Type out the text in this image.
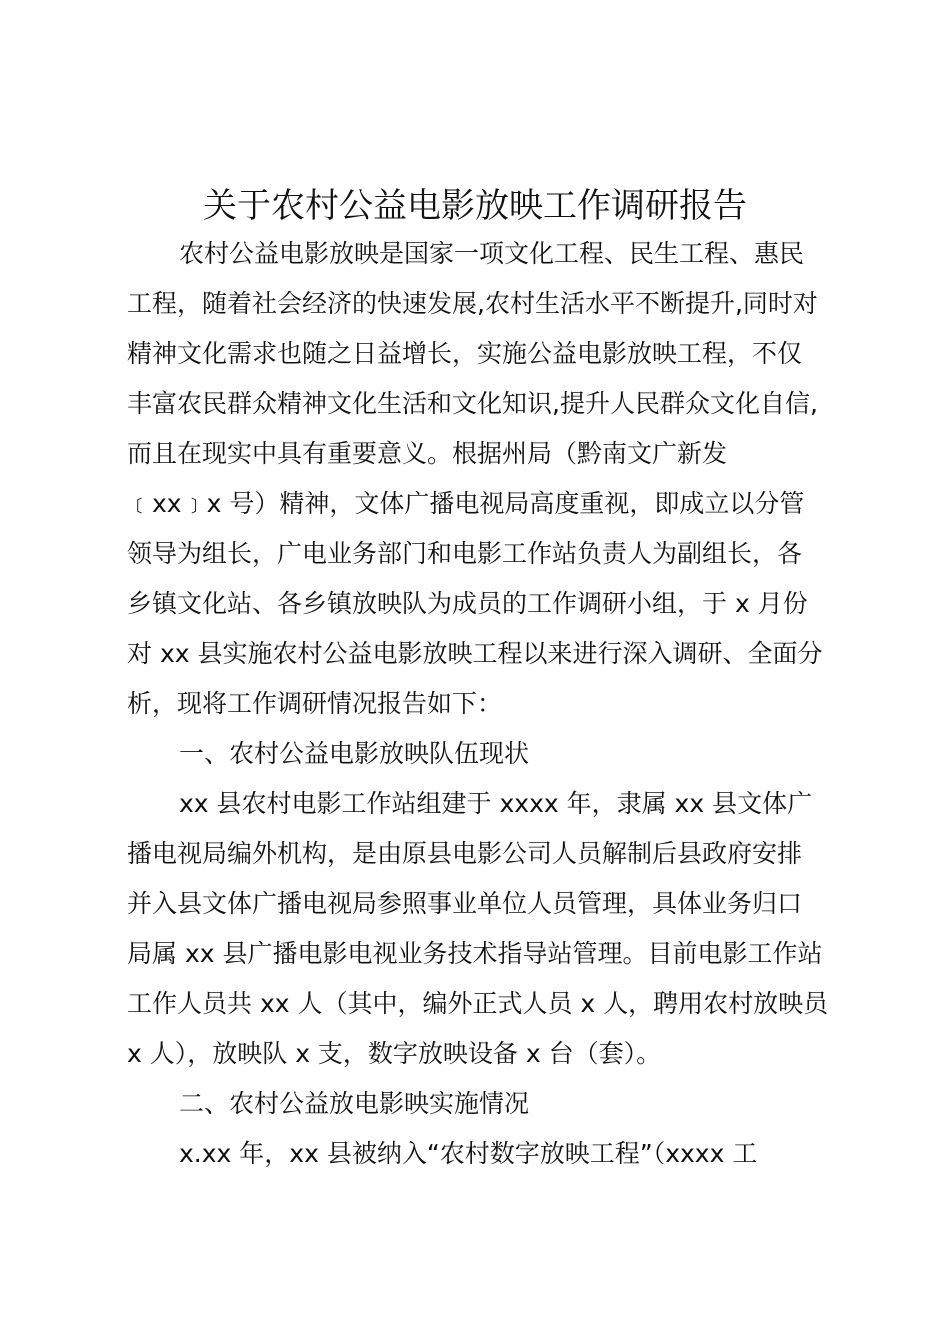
关于农村公益电影放映工作调研报告
农村公益电影放映是国家一项文化工程、民生工程、惠民
工程，随着社会经济的快速发展,农村生活水平不断提升,同时对
精神文化需求也随之日益增长，实施公益电影放映工程，不仅
丰富农民群众精神文化生活和文化知识,提升人民群众文化自信,
而且在现实中具有重要意义。根据州局（黔南文广新发
﹝xx﹞x 号）精神，文体广播电视局高度重视，即成立以分管
领导为组长，广电业务部门和电影工作站负责人为副组长，各
乡镇文化站、各乡镇放映队为成员的工作调研小组，于 x 月份
对 xx 县实施农村公益电影放映工程以来进行深入调研、全面分
析，现将工作调研情况报告如下：
一、农村公益电影放映队伍现状
xx 县农村电影工作站组建于 xxxx 年，隶属 xx 县文体广
播电视局编外机构，是由原县电影公司人员解制后县政府安排
并入县文体广播电视局参照事业单位人员管理，具体业务归口
局属 xx 县广播电影电视业务技术指导站管理。目前电影工作站
工作人员共 xx 人（其中，编外正式人员 x 人，聘用农村放映员
x 人），放映队 x 支，数字放映设备 x 台（套）。
二、农村公益放电影映实施情况
x.xx 年，xx 县被纳入“农村数字放映工程”（xxxx 工
